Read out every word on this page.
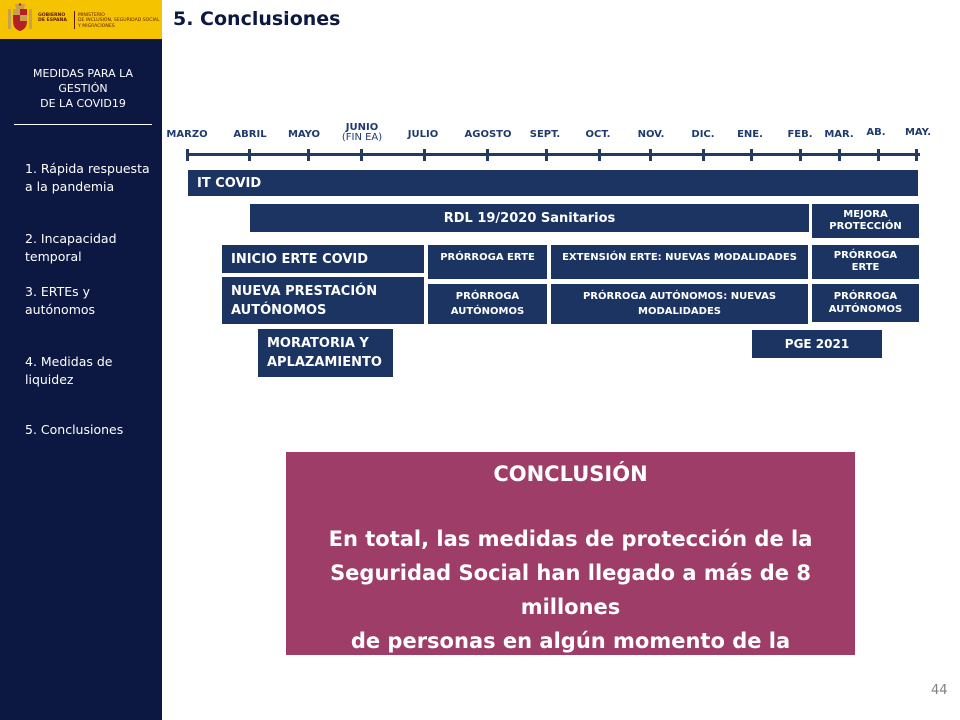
GOBIERNO
DE ESPAÑA
MINISTERIO
DE INCLUSIÓN, SEGURIDAD SOCIAL
Y MIGRACIONES
MEDIDAS PARA LA
GESTIÓN
DE LA COVID19
1. Rápida respuesta
a la pandemia
2. Incapacidad
temporal
3. ERTEs y
autónomos
4. Medidas de
liquidez
5. Conclusiones
5. Conclusiones
MARZO	ABRIL MAYO
JUNIO
(FIN EA)	JULIO	AGOSTO SEPT.	OCT.	NOV.	DIC. ENE. FEB. MAR. AB. MAY.
IT COVID
RDL 19/2020 Sanitarios	MEJORA
PROTECCIÓN
INICIO ERTE COVID	PRÓRROGA ERTE	EXTENSIÓN ERTE: NUEVAS MODALIDADES	PRÓRROGA
ERTE
NUEVA PRESTACIÓN
AUTÓNOMOS
PRÓRROGA
AUTÓNOMOS
PRÓRROGA AUTÓNOMOS: NUEVAS
MODALIDADES
PRÓRROGA
AUTÓNOMOS
MORATORIA Y
APLAZAMIENTO
PGE 2021
CONCLUSIÓN
En total, las medidas de protección de la
Seguridad Social han llegado a más de 8 millones
de personas en algún momento de la pandemia y
casi 600.000 empresas.
44
